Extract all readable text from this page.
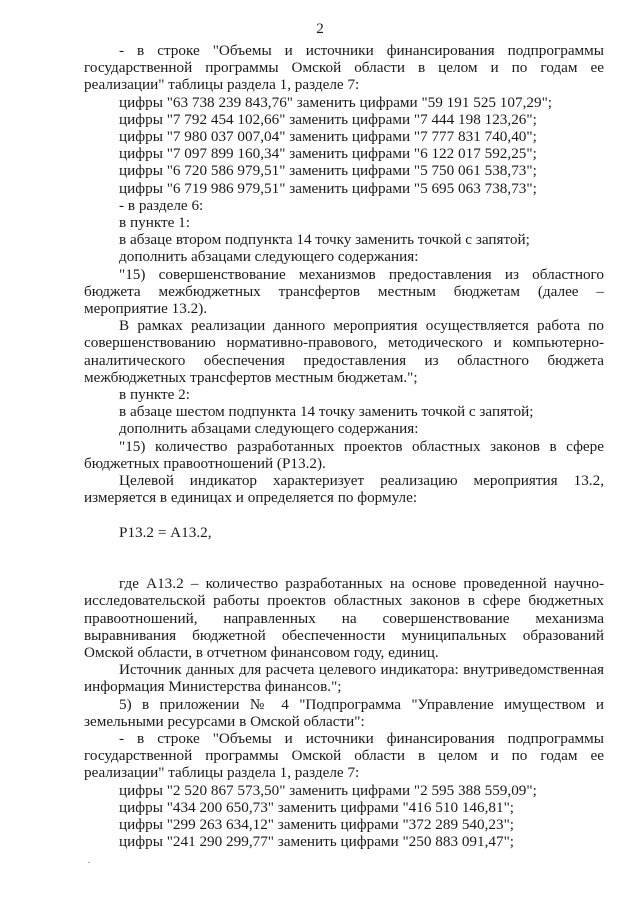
2

- в строке "Объемы и источники финансирования подпрограммы государственной программы Омской области в целом и по годам ее реализации" таблицы раздела 1, разделе 7:

цифры "63 738 239 843,76" заменить цифрами "59 191 525 107,29";

цифры "7 792 454 102,66" заменить цифрами "7 444 198 123,26";

цифры "7 980 037 007,04" заменить цифрами "7 777 831 740,40";

цифры "7 097 899 160,34" заменить цифрами "6 122 017 592,25";

цифры "6 720 586 979,51" заменить цифрами "5 750 061 538,73";

цифры "6 719 986 979,51" заменить цифрами "5 695 063 738,73";

- в разделе 6:

в пункте 1:

в абзаце втором подпункта 14 точку заменить точкой с запятой;

дополнить абзацами следующего содержания:

"15) совершенствование механизмов предоставления из областного бюджета межбюджетных трансфертов местным бюджетам (далее – мероприятие 13.2).

В рамках реализации данного мероприятия осуществляется работа по совершенствованию нормативно-правового, методического и компьютерно-аналитического обеспечения предоставления из областного бюджета межбюджетных трансфертов местным бюджетам.";

в пункте 2:

в абзаце шестом подпункта 14 точку заменить точкой с запятой;

дополнить абзацами следующего содержания:

"15) количество разработанных проектов областных законов в сфере бюджетных правоотношений (Р13.2).

Целевой индикатор характеризует реализацию мероприятия 13.2, измеряется в единицах и определяется по формуле:

Р13.2 = А13.2,

где А13.2 – количество разработанных на основе проведенной научно-исследовательской работы проектов областных законов в сфере бюджетных правоотношений, направленных на совершенствование механизма выравнивания бюджетной обеспеченности муниципальных образований Омской области, в отчетном финансовом году, единиц.

Источник данных для расчета целевого индикатора: внутриведомственная информация Министерства финансов.";

5) в приложении № 4 "Подпрограмма "Управление имуществом и земельными ресурсами в Омской области":

- в строке "Объемы и источники финансирования подпрограммы государственной программы Омской области в целом и по годам ее реализации" таблицы раздела 1, разделе 7:

цифры "2 520 867 573,50" заменить цифрами "2 595 388 559,09";

цифры "434 200 650,73" заменить цифрами "416 510 146,81";

цифры "299 263 634,12" заменить цифрами "372 289 540,23";

цифры "241 290 299,77" заменить цифрами "250 883 091,47";
